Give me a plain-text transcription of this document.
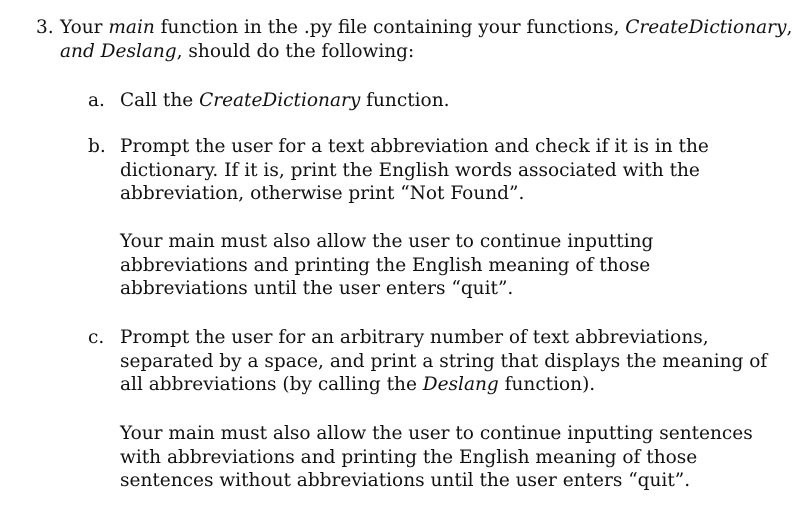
3. Your main function in the .py file containing your functions, CreateDictionary,
and Deslang, should do the following:
a. Call the CreateDictionary function.
b. Prompt the user for a text abbreviation and check if it is in the
dictionary. If it is, print the English words associated with the
abbreviation, otherwise print “Not Found”.
Your main must also allow the user to continue inputting
abbreviations and printing the English meaning of those
abbreviations until the user enters “quit”.
c. Prompt the user for an arbitrary number of text abbreviations,
separated by a space, and print a string that displays the meaning of
all abbreviations (by calling the Deslang function).
Your main must also allow the user to continue inputting sentences
with abbreviations and printing the English meaning of those
sentences without abbreviations until the user enters “quit”.
